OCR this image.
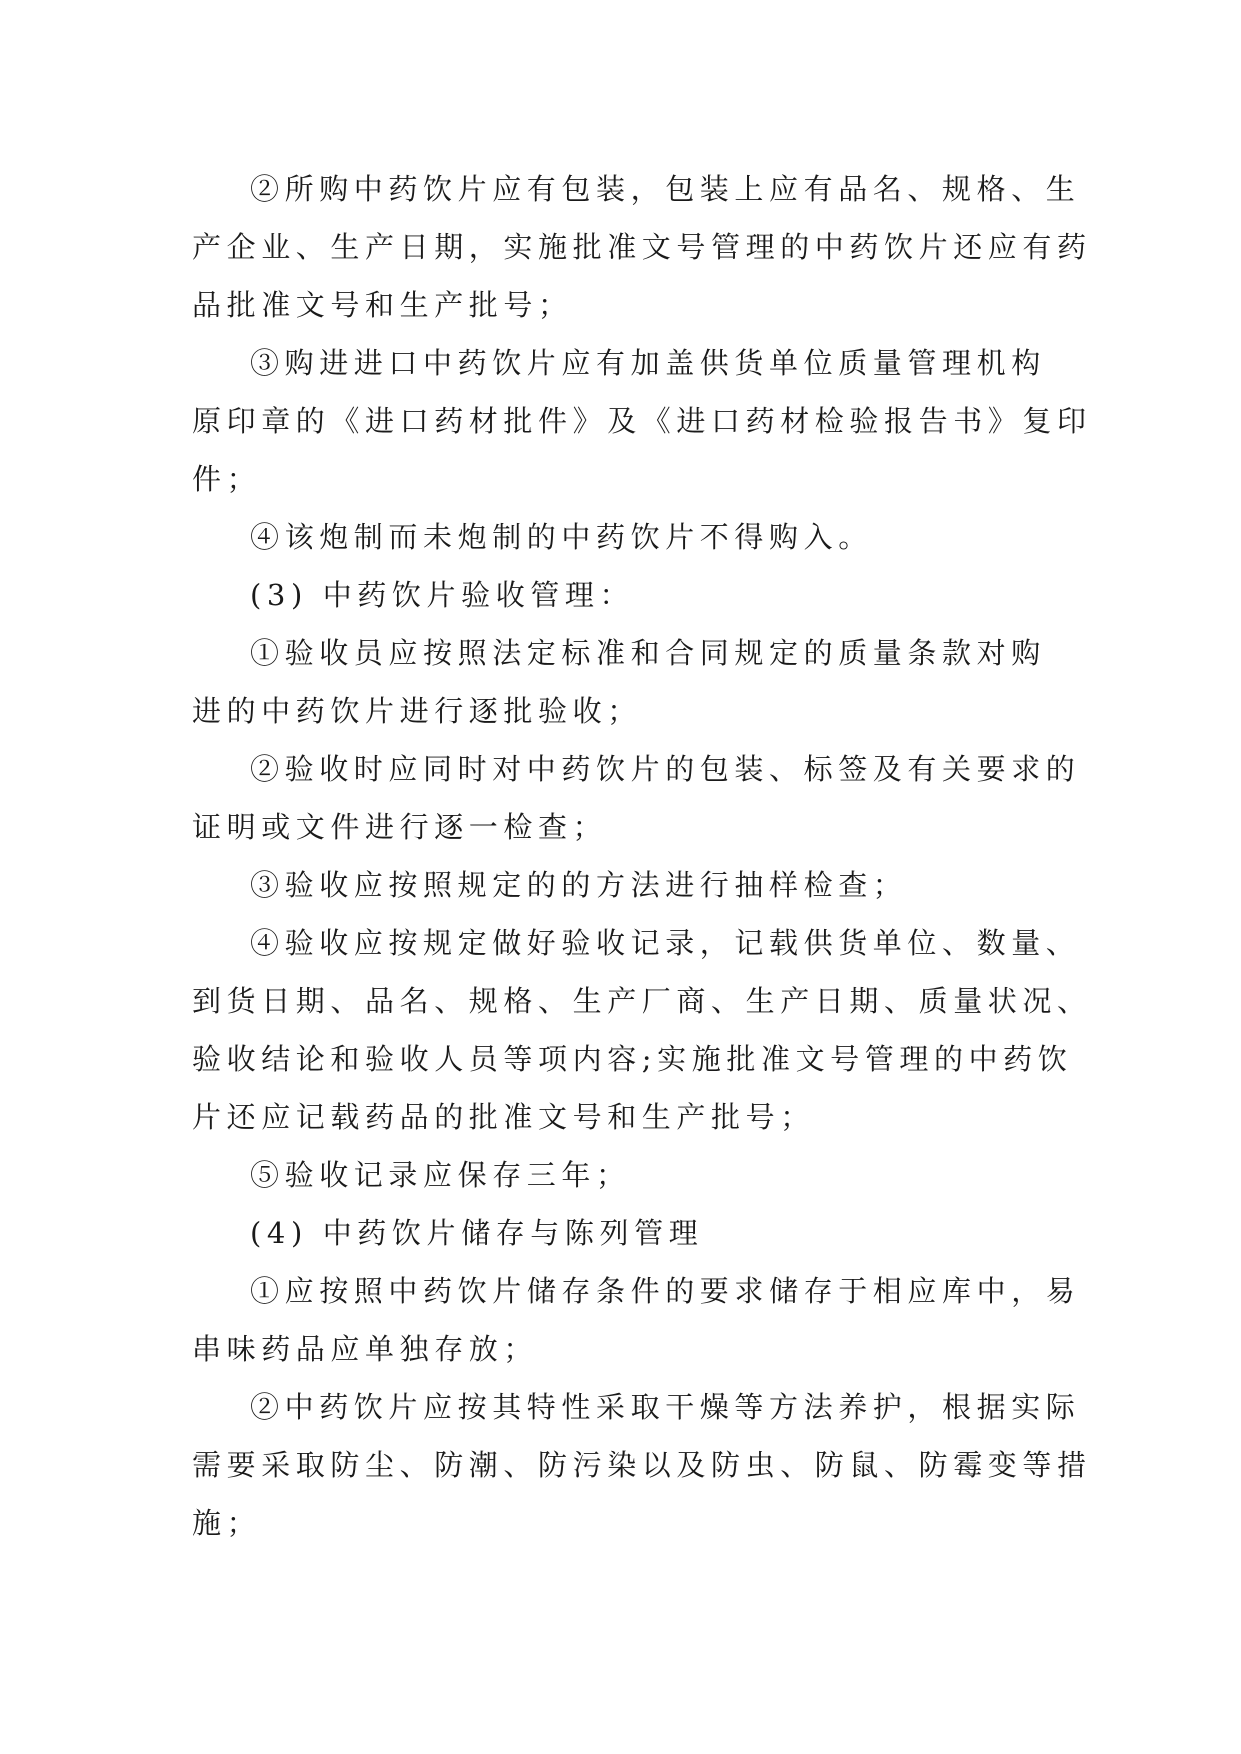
②所购中药饮片应有包装，包装上应有品名、规格、生
产企业、生产日期，实施批准文号管理的中药饮片还应有药
品批准文号和生产批号；
③购进进口中药饮片应有加盖供货单位质量管理机构
原印章的《进口药材批件》及《进口药材检验报告书》复印
件；
④该炮制而未炮制的中药饮片不得购入。
(3) 中药饮片验收管理：
①验收员应按照法定标准和合同规定的质量条款对购
进的中药饮片进行逐批验收；
②验收时应同时对中药饮片的包装、标签及有关要求的
证明或文件进行逐一检查；
③验收应按照规定的的方法进行抽样检查；
④验收应按规定做好验收记录，记载供货单位、数量、
到货日期、品名、规格、生产厂商、生产日期、质量状况、
验收结论和验收人员等项内容;实施批准文号管理的中药饮
片还应记载药品的批准文号和生产批号；
⑤验收记录应保存三年；
(4) 中药饮片储存与陈列管理
①应按照中药饮片储存条件的要求储存于相应库中，易
串味药品应单独存放；
②中药饮片应按其特性采取干燥等方法养护，根据实际
需要采取防尘、防潮、防污染以及防虫、防鼠、防霉变等措
施；
